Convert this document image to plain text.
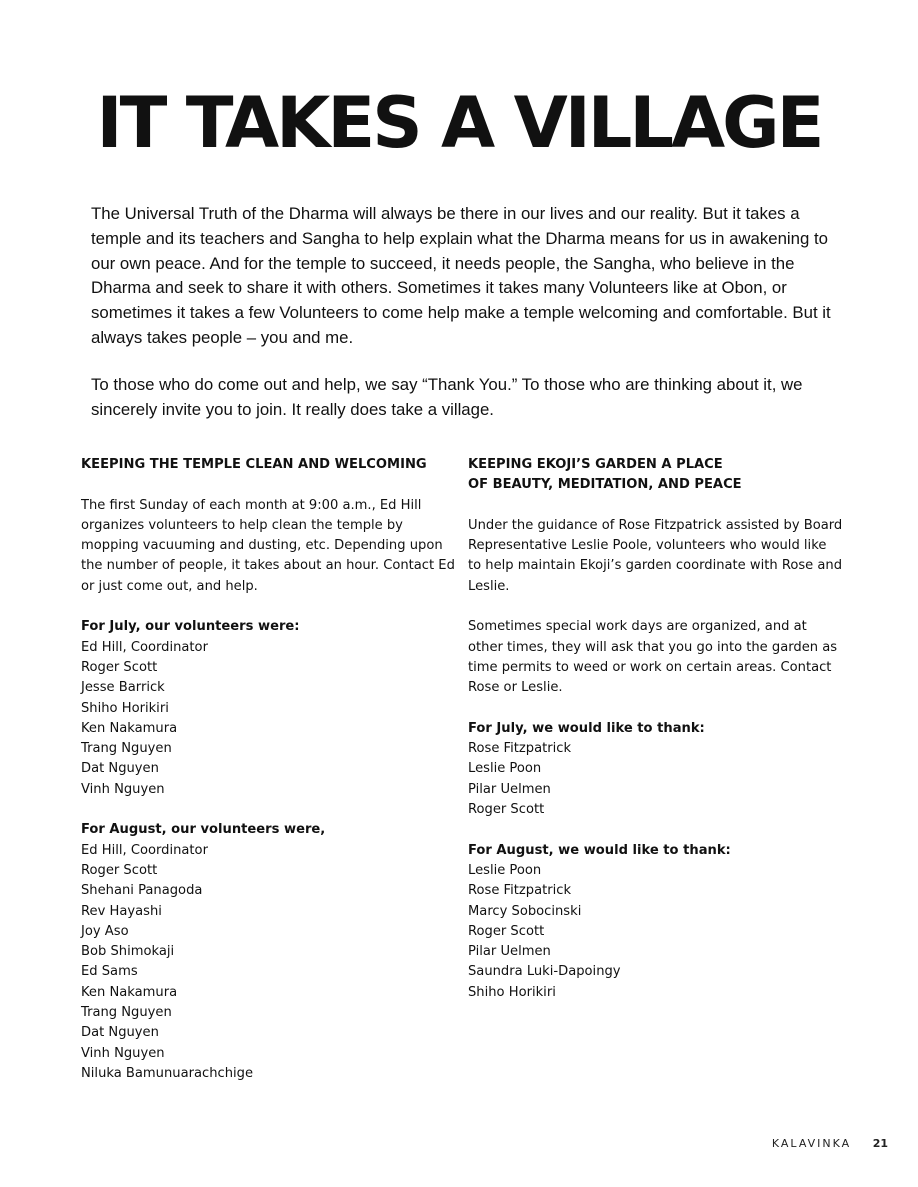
IT TAKES A VILLAGE

The Universal Truth of the Dharma will always be there in our lives and our reality. But it takes a temple and its teachers and Sangha to help explain what the Dharma means for us in awakening to our own peace. And for the temple to succeed, it needs people, the Sangha, who believe in the Dharma and seek to share it with others. Sometimes it takes many Volunteers like at Obon, or sometimes it takes a few Volunteers to come help make a temple welcoming and comfortable. But it always takes people – you and me.

To those who do come out and help, we say “Thank You.” To those who are thinking about it, we sincerely invite you to join. It really does take a village.

KEEPING THE TEMPLE CLEAN AND WELCOMING

The first Sunday of each month at 9:00 a.m., Ed Hill organizes volunteers to help clean the temple by mopping vacuuming and dusting, etc. Depending upon the number of people, it takes about an hour. Contact Ed or just come out, and help.

For July, our volunteers were:

Ed Hill, Coordinator
Roger Scott
Jesse Barrick
Shiho Horikiri
Ken Nakamura
Trang Nguyen
Dat Nguyen
Vinh Nguyen

For August, our volunteers were,

Ed Hill, Coordinator
Roger Scott
Shehani Panagoda
Rev Hayashi
Joy Aso
Bob Shimokaji
Ed Sams
Ken Nakamura
Trang Nguyen
Dat Nguyen
Vinh Nguyen
Niluka Bamunuarachchige

KEEPING EKOJI’S GARDEN A PLACE

OF BEAUTY, MEDITATION, AND PEACE

Under the guidance of Rose Fitzpatrick assisted by Board Representative Leslie Poole, volunteers who would like to help maintain Ekoji’s garden coordinate with Rose and Leslie.

Sometimes special work days are organized, and at other times, they will ask that you go into the garden as time permits to weed or work on certain areas. Contact Rose or Leslie.

For July, we would like to thank:

Rose Fitzpatrick
Leslie Poon
Pilar Uelmen
Roger Scott

For August, we would like to thank:

Leslie Poon
Rose Fitzpatrick
Marcy Sobocinski
Roger Scott
Pilar Uelmen
Saundra Luki-Dapoingy
Shiho Horikiri
KALAVINKA 21
